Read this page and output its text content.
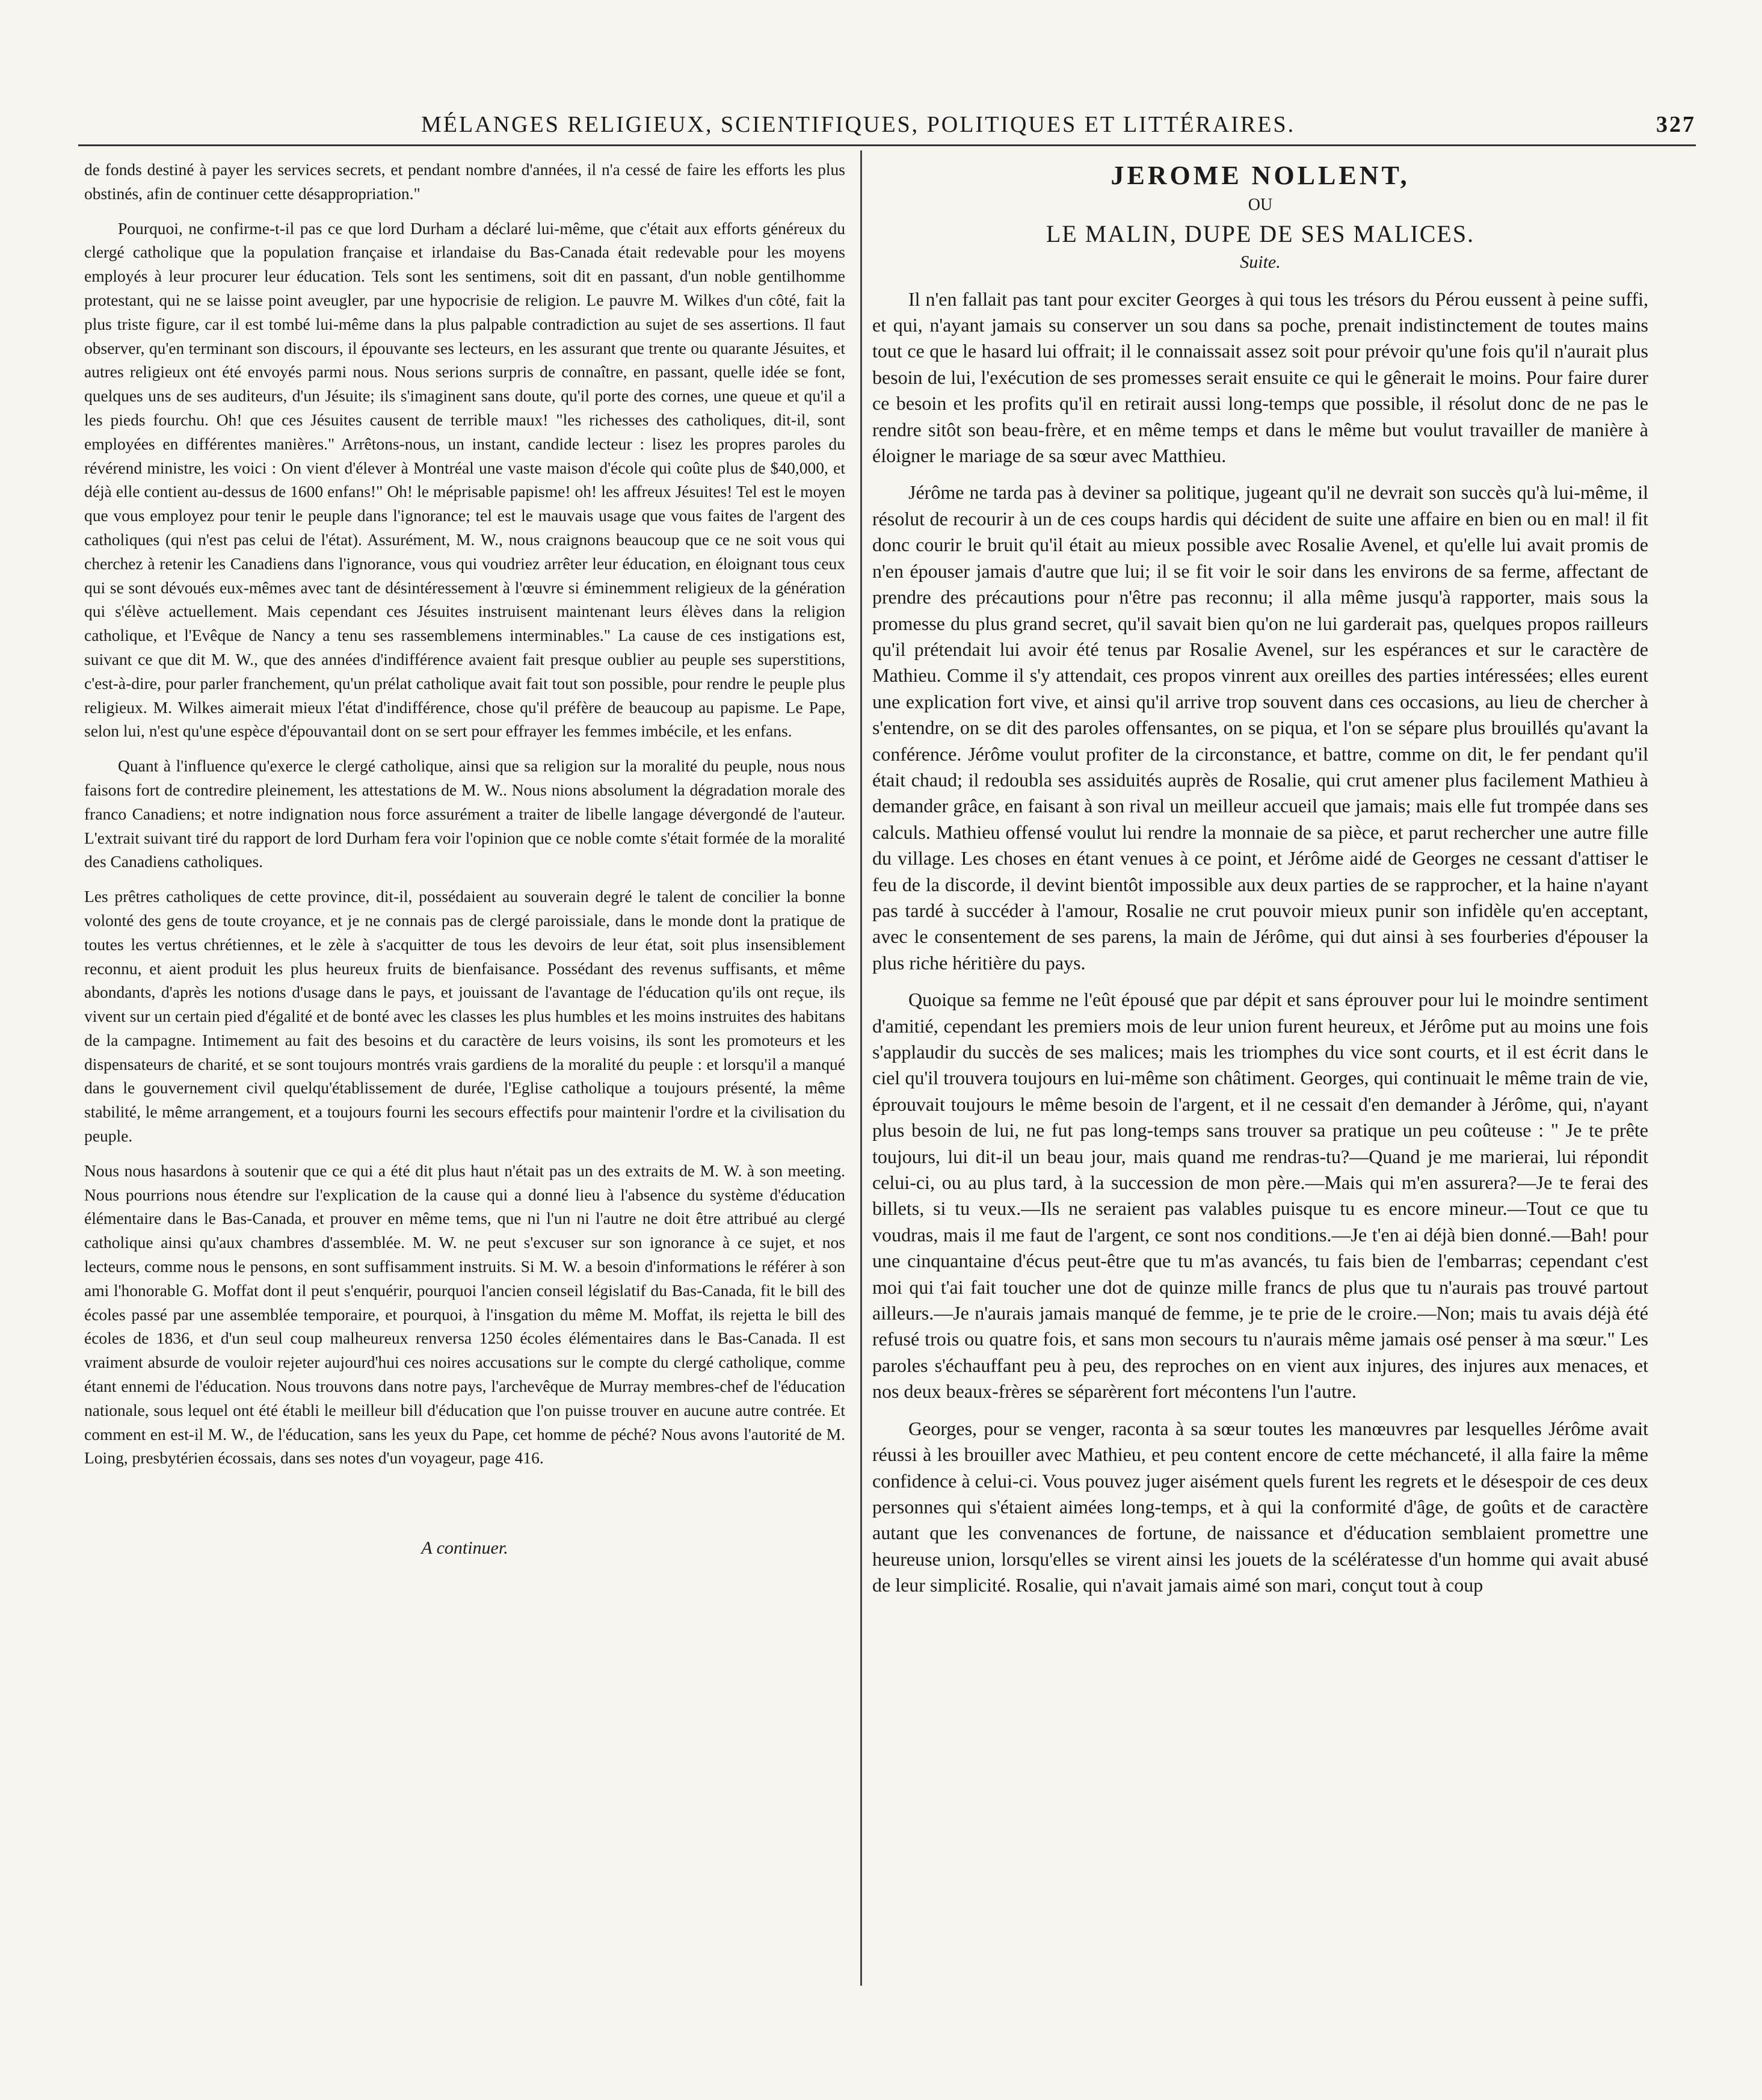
MÉLANGES RELIGIEUX, SCIENTIFIQUES, POLITIQUES ET LITTÉRAIRES.	327

de fonds destiné à payer les services secrets, et pendant nombre d'années, il n'a cessé de faire les efforts les plus obstinés, afin de continuer cette désappropriation."

Pourquoi, ne confirme-t-il pas ce que lord Durham a déclaré lui-même, que c'était aux efforts généreux du clergé catholique que la population française et irlandaise du Bas-Canada était redevable pour les moyens employés à leur procurer leur éducation. Tels sont les sentimens, soit dit en passant, d'un noble gentilhomme protestant, qui ne se laisse point aveugler, par une hypocrisie de religion. Le pauvre M. Wilkes d'un côté, fait la plus triste figure, car il est tombé lui-même dans la plus palpable contradiction au sujet de ses assertions. Il faut observer, qu'en terminant son discours, il épouvante ses lecteurs, en les assurant que trente ou quarante Jésuites, et autres religieux ont été envoyés parmi nous. Nous serions surpris de connaître, en passant, quelle idée se font, quelques uns de ses auditeurs, d'un Jésuite; ils s'imaginent sans doute, qu'il porte des cornes, une queue et qu'il a les pieds fourchu. Oh! que ces Jésuites causent de terrible maux! "les richesses des catholiques, dit-il, sont employées en différentes manières." Arrêtons-nous, un instant, candide lecteur : lisez les propres paroles du révérend ministre, les voici : On vient d'élever à Montréal une vaste maison d'école qui coûte plus de $40,000, et déjà elle contient au-dessus de 1600 enfans!" Oh! le méprisable papisme! oh! les affreux Jésuites! Tel est le moyen que vous employez pour tenir le peuple dans l'ignorance; tel est le mauvais usage que vous faites de l'argent des catholiques (qui n'est pas celui de l'état). Assurément, M. W., nous craignons beaucoup que ce ne soit vous qui cherchez à retenir les Canadiens dans l'ignorance, vous qui voudriez arrêter leur éducation, en éloignant tous ceux qui se sont dévoués eux-mêmes avec tant de désintéressement à l'œuvre si éminemment religieux de la génération qui s'élève actuellement. Mais cependant ces Jésuites instruisent maintenant leurs élèves dans la religion catholique, et l'Evêque de Nancy a tenu ses rassemblemens interminables." La cause de ces instigations est, suivant ce que dit M. W., que des années d'indifférence avaient fait presque oublier au peuple ses superstitions, c'est-à-dire, pour parler franchement, qu'un prélat catholique avait fait tout son possible, pour rendre le peuple plus religieux. M. Wilkes aimerait mieux l'état d'indifférence, chose qu'il préfère de beaucoup au papisme. Le Pape, selon lui, n'est qu'une espèce d'épouvantail dont on se sert pour effrayer les femmes imbécile, et les enfans.

Quant à l'influence qu'exerce le clergé catholique, ainsi que sa religion sur la moralité du peuple, nous nous faisons fort de contredire pleinement, les attestations de M. W.. Nous nions absolument la dégradation morale des franco Canadiens; et notre indignation nous force assurément a traiter de libelle langage dévergondé de l'auteur. L'extrait suivant tiré du rapport de lord Durham fera voir l'opinion que ce noble comte s'était formée de la moralité des Canadiens catholiques.

Les prêtres catholiques de cette province, dit-il, possédaient au souverain degré le talent de concilier la bonne volonté des gens de toute croyance, et je ne connais pas de clergé paroissiale, dans le monde dont la pratique de toutes les vertus chrétiennes, et le zèle à s'acquitter de tous les devoirs de leur état, soit plus insensiblement reconnu, et aient produit les plus heureux fruits de bienfaisance. Possédant des revenus suffisants, et même abondants, d'après les notions d'usage dans le pays, et jouissant de l'avantage de l'éducation qu'ils ont reçue, ils vivent sur un certain pied d'égalité et de bonté avec les classes les plus humbles et les moins instruites des habitans de la campagne. Intimement au fait des besoins et du caractère de leurs voisins, ils sont les promoteurs et les dispensateurs de charité, et se sont toujours montrés vrais gardiens de la moralité du peuple : et lorsqu'il a manqué dans le gouvernement civil quelqu'établissement de durée, l'Eglise catholique a toujours présenté, la même stabilité, le même arrangement, et a toujours fourni les secours effectifs pour maintenir l'ordre et la civilisation du peuple.

Nous nous hasardons à soutenir que ce qui a été dit plus haut n'était pas un des extraits de M. W. à son meeting. Nous pourrions nous étendre sur l'explication de la cause qui a donné lieu à l'absence du système d'éducation élémentaire dans le Bas-Canada, et prouver en même tems, que ni l'un ni l'autre ne doit être attribué au clergé catholique ainsi qu'aux chambres d'assemblée. M. W. ne peut s'excuser sur son ignorance à ce sujet, et nos lecteurs, comme nous le pensons, en sont suffisamment instruits. Si M. W. a besoin d'informations le référer à son ami l'honorable G. Moffat dont il peut s'enquérir, pourquoi l'ancien conseil législatif du Bas-Canada, fit le bill des écoles passé par une assemblée temporaire, et pourquoi, à l'insgation du même M. Moffat, ils rejetta le bill des écoles de 1836, et d'un seul coup malheureux renversa 1250 écoles élémentaires dans le Bas-Canada. Il est vraiment absurde de vouloir rejeter aujourd'hui ces noires accusations sur le compte du clergé catholique, comme étant ennemi de l'éducation. Nous trouvons dans notre pays, l'archevêque de Murray membres-chef de l'éducation nationale, sous lequel ont été établi le meilleur bill d'éducation que l'on puisse trouver en aucune autre contrée. Et comment en est-il M. W., de l'éducation, sans les yeux du Pape, cet homme de péché? Nous avons l'autorité de M. Loing, presbytérien écossais, dans ses notes d'un voyageur, page 416.

A continuer.
JEROME NOLLENT,
OU
LE MALIN, DUPE DE SES MALICES.
Suite.

Il n'en fallait pas tant pour exciter Georges à qui tous les trésors du Pérou eussent à peine suffi, et qui, n'ayant jamais su conserver un sou dans sa poche, prenait indistinctement de toutes mains tout ce que le hasard lui offrait; il le connaissait assez soit pour prévoir qu'une fois qu'il n'aurait plus besoin de lui, l'exécution de ses promesses serait ensuite ce qui le gênerait le moins. Pour faire durer ce besoin et les profits qu'il en retirait aussi long-temps que possible, il résolut donc de ne pas le rendre sitôt son beau-frère, et en même temps et dans le même but voulut travailler de manière à éloigner le mariage de sa sœur avec Matthieu.

Jérôme ne tarda pas à deviner sa politique, jugeant qu'il ne devrait son succès qu'à lui-même, il résolut de recourir à un de ces coups hardis qui décident de suite une affaire en bien ou en mal! il fit donc courir le bruit qu'il était au mieux possible avec Rosalie Avenel, et qu'elle lui avait promis de n'en épouser jamais d'autre que lui; il se fit voir le soir dans les environs de sa ferme, affectant de prendre des précautions pour n'être pas reconnu; il alla même jusqu'à rapporter, mais sous la promesse du plus grand secret, qu'il savait bien qu'on ne lui garderait pas, quelques propos railleurs qu'il prétendait lui avoir été tenus par Rosalie Avenel, sur les espérances et sur le caractère de Mathieu. Comme il s'y attendait, ces propos vinrent aux oreilles des parties intéressées; elles eurent une explication fort vive, et ainsi qu'il arrive trop souvent dans ces occasions, au lieu de chercher à s'entendre, on se dit des paroles offensantes, on se piqua, et l'on se sépare plus brouillés qu'avant la conférence. Jérôme voulut profiter de la circonstance, et battre, comme on dit, le fer pendant qu'il était chaud; il redoubla ses assiduités auprès de Rosalie, qui crut amener plus facilement Mathieu à demander grâce, en faisant à son rival un meilleur accueil que jamais; mais elle fut trompée dans ses calculs. Mathieu offensé voulut lui rendre la monnaie de sa pièce, et parut rechercher une autre fille du village. Les choses en étant venues à ce point, et Jérôme aidé de Georges ne cessant d'attiser le feu de la discorde, il devint bientôt impossible aux deux parties de se rapprocher, et la haine n'ayant pas tardé à succéder à l'amour, Rosalie ne crut pouvoir mieux punir son infidèle qu'en acceptant, avec le consentement de ses parens, la main de Jérôme, qui dut ainsi à ses fourberies d'épouser la plus riche héritière du pays.

Quoique sa femme ne l'eût épousé que par dépit et sans éprouver pour lui le moindre sentiment d'amitié, cependant les premiers mois de leur union furent heureux, et Jérôme put au moins une fois s'applaudir du succès de ses malices; mais les triomphes du vice sont courts, et il est écrit dans le ciel qu'il trouvera toujours en lui-même son châtiment. Georges, qui continuait le même train de vie, éprouvait toujours le même besoin de l'argent, et il ne cessait d'en demander à Jérôme, qui, n'ayant plus besoin de lui, ne fut pas long-temps sans trouver sa pratique un peu coûteuse : " Je te prête toujours, lui dit-il un beau jour, mais quand me rendras-tu?—Quand je me marierai, lui répondit celui-ci, ou au plus tard, à la succession de mon père.—Mais qui m'en assurera?—Je te ferai des billets, si tu veux.—Ils ne seraient pas valables puisque tu es encore mineur.—Tout ce que tu voudras, mais il me faut de l'argent, ce sont nos conditions.—Je t'en ai déjà bien donné.—Bah! pour une cinquantaine d'écus peut-être que tu m'as avancés, tu fais bien de l'embarras; cependant c'est moi qui t'ai fait toucher une dot de quinze mille francs de plus que tu n'aurais pas trouvé partout ailleurs.—Je n'aurais jamais manqué de femme, je te prie de le croire.—Non; mais tu avais déjà été refusé trois ou quatre fois, et sans mon secours tu n'aurais même jamais osé penser à ma sœur." Les paroles s'échauffant peu à peu, des reproches on en vient aux injures, des injures aux menaces, et nos deux beaux-frères se séparèrent fort mécontens l'un l'autre.

Georges, pour se venger, raconta à sa sœur toutes les manœuvres par lesquelles Jérôme avait réussi à les brouiller avec Mathieu, et peu content encore de cette méchanceté, il alla faire la même confidence à celui-ci. Vous pouvez juger aisément quels furent les regrets et le désespoir de ces deux personnes qui s'étaient aimées long-temps, et à qui la conformité d'âge, de goûts et de caractère autant que les convenances de fortune, de naissance et d'éducation semblaient promettre une heureuse union, lorsqu'elles se virent ainsi les jouets de la scélératesse d'un homme qui avait abusé de leur simplicité. Rosalie, qui n'avait jamais aimé son mari, conçut tout à coup
